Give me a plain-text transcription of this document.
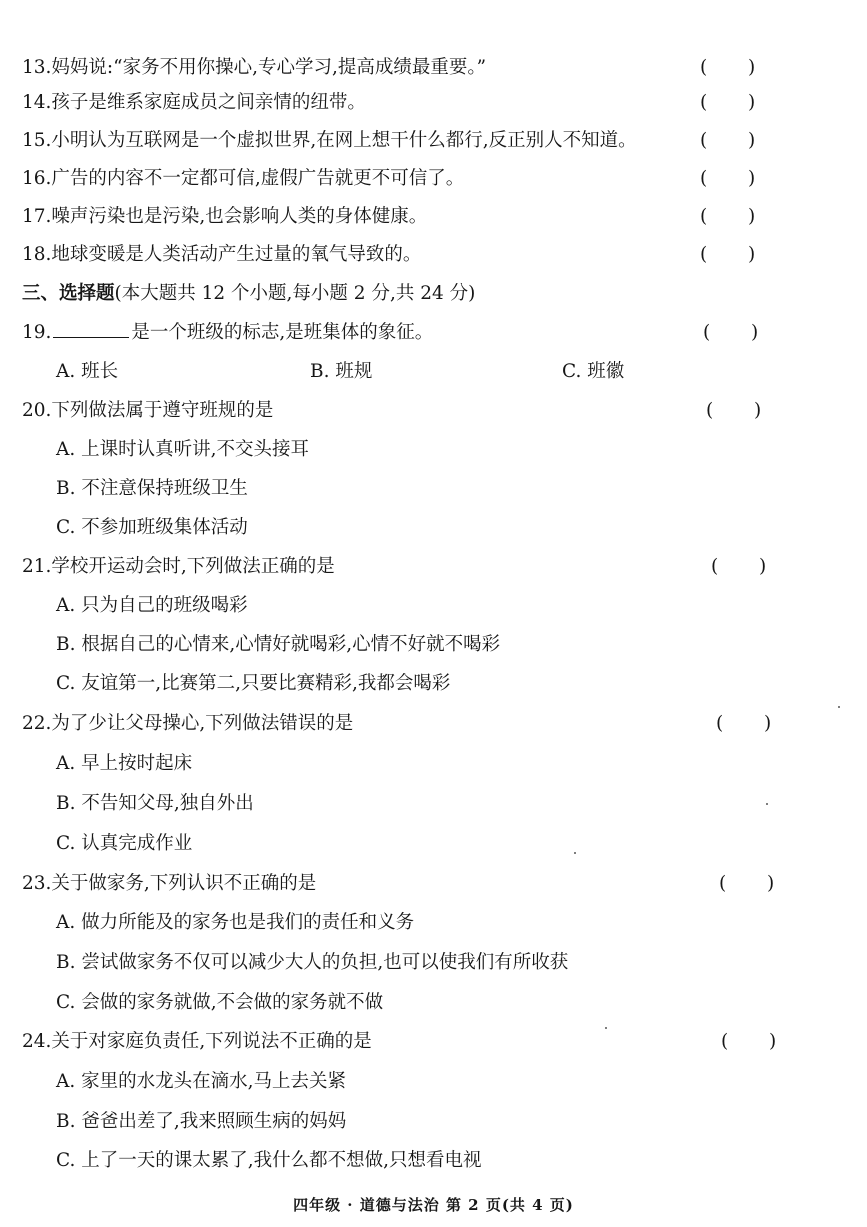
13.妈妈说:“家务不用你操心,专心学习,提高成绩最重要。”	( )
14.孩子是维系家庭成员之间亲情的纽带。	( )
15.小明认为互联网是一个虚拟世界,在网上想干什么都行,反正别人不知道。	( )
16.广告的内容不一定都可信,虚假广告就更不可信了。	( )
17.噪声污染也是污染,也会影响人类的身体健康。	( )
18.地球变暖是人类活动产生过量的氧气导致的。	( )
三、选择题(本大题共 12 个小题,每小题 2 分,共 24 分)
19.	是一个班级的标志,是班集体的象征。	( )
A. 班长	B. 班规	C. 班徽
20.下列做法属于遵守班规的是	( )
A. 上课时认真听讲,不交头接耳
B. 不注意保持班级卫生
C. 不参加班级集体活动
21.学校开运动会时,下列做法正确的是	( )
A. 只为自己的班级喝彩
B. 根据自己的心情来,心情好就喝彩,心情不好就不喝彩
C. 友谊第一,比赛第二,只要比赛精彩,我都会喝彩
22.为了少让父母操心,下列做法错误的是	( )
A. 早上按时起床
B. 不告知父母,独自外出
C. 认真完成作业
23.关于做家务,下列认识不正确的是	( )
A. 做力所能及的家务也是我们的责任和义务
B. 尝试做家务不仅可以减少大人的负担,也可以使我们有所收获
C. 会做的家务就做,不会做的家务就不做
24.关于对家庭负责任,下列说法不正确的是	( )
A. 家里的水龙头在滴水,马上去关紧
B. 爸爸出差了,我来照顾生病的妈妈
C. 上了一天的课太累了,我什么都不想做,只想看电视
四年级 · 道德与法治 第 2 页(共 4 页)
